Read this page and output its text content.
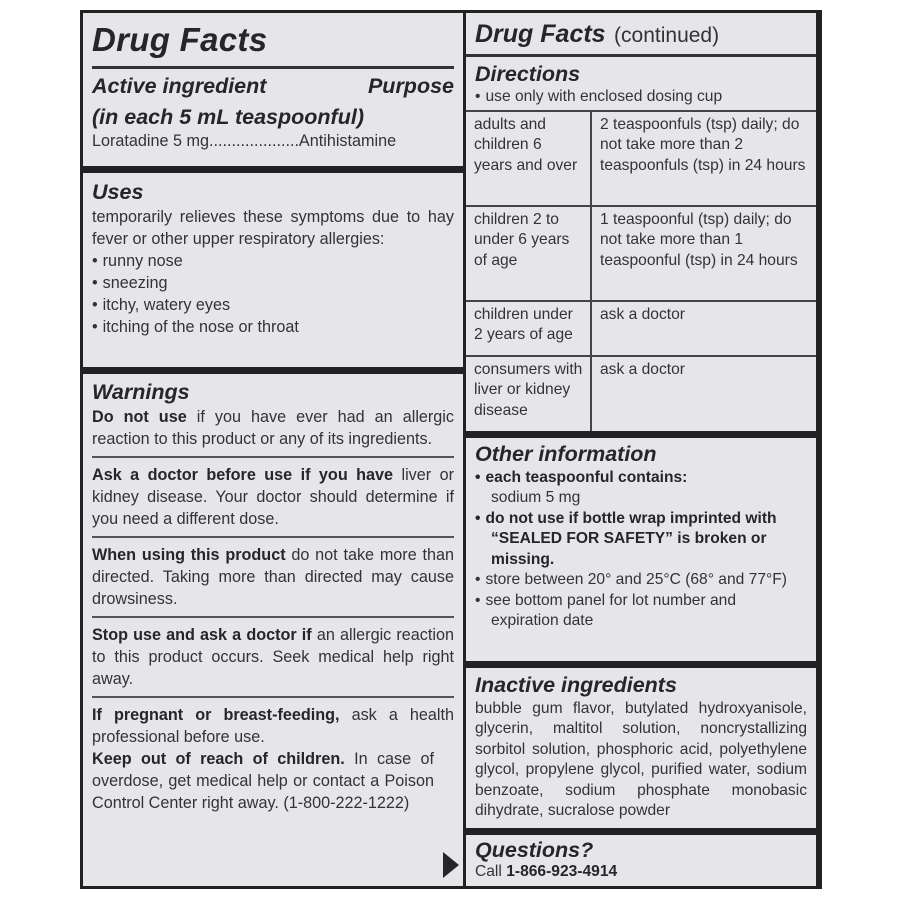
Drug Facts
Active ingredient	Purpose
(in each 5 mL teaspoonful)
Loratadine 5 mg....................Antihistamine
Uses
temporarily relieves these symptoms due to hay fever or other upper respiratory allergies:
• runny nose
• sneezing
• itchy, watery eyes
• itching of the nose or throat
Warnings
Do not use if you have ever had an allergic reaction to this product or any of its ingredients.
Ask a doctor before use if you have liver or kidney disease. Your doctor should determine if you need a different dose.
When using this product do not take more than directed. Taking more than directed may cause drowsiness.
Stop use and ask a doctor if an allergic reaction to this product occurs. Seek medical help right away.
If pregnant or breast-feeding, ask a health professional before use.
Keep out of reach of children. In case of overdose, get medical help or contact a Poison Control Center right away. (1-800-222-1222)
Drug Facts (continued)
Directions
• use only with enclosed dosing cup
adults and children 6 years and over	2 teaspoonfuls (tsp) daily; do not take more than 2 teaspoonfuls (tsp) in 24 hours
children 2 to under 6 years of age	1 teaspoonful (tsp) daily; do not take more than 1 teaspoonful (tsp) in 24 hours
children under 2 years of age	ask a doctor
consumers with liver or kidney disease	ask a doctor
Other information
• each teaspoonful contains:
sodium 5 mg
• do not use if bottle wrap imprinted with “SEALED FOR SAFETY” is broken or missing.
• store between 20° and 25°C (68° and 77°F)
• see bottom panel for lot number and expiration date
Inactive ingredients
bubble gum flavor, butylated hydroxyanisole, glycerin, maltitol solution, noncrystallizing sorbitol solution, phosphoric acid, polyethylene glycol, propylene glycol, purified water, sodium benzoate, sodium phosphate monobasic dihydrate, sucralose powder
Questions?
Call 1-866-923-4914
